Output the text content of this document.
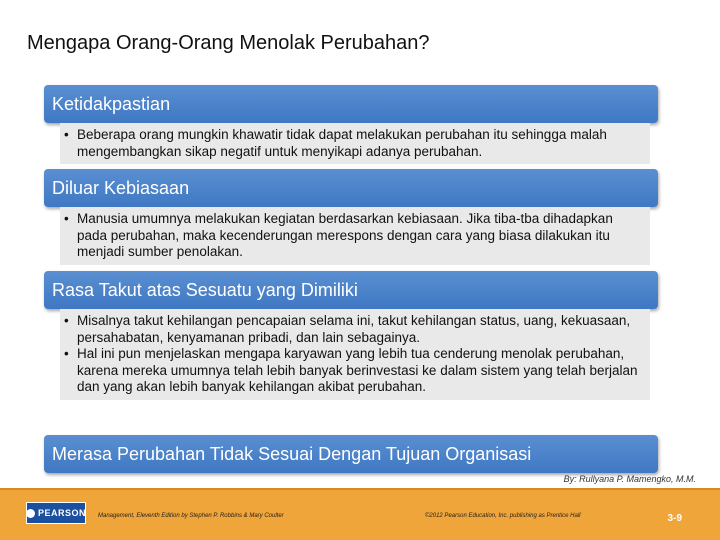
Mengapa Orang-Orang Menolak Perubahan?
Ketidakpastian
• Beberapa orang mungkin khawatir tidak dapat melakukan perubahan itu sehingga malah mengembangkan sikap negatif untuk menyikapi adanya perubahan.
Diluar Kebiasaan
• Manusia umumnya melakukan kegiatan berdasarkan kebiasaan. Jika tiba-tba dihadapkan pada perubahan, maka kecenderungan merespons dengan cara yang biasa dilakukan itu menjadi sumber penolakan.
Rasa Takut atas Sesuatu yang Dimiliki
• Misalnya takut kehilangan pencapaian selama ini, takut kehilangan status, uang, kekuasaan, persahabatan, kenyamanan pribadi, dan lain sebagainya.
• Hal ini pun menjelaskan mengapa karyawan yang lebih tua cenderung menolak perubahan, karena mereka umumnya telah lebih banyak berinvestasi ke dalam sistem yang telah berjalan dan yang akan lebih banyak kehilangan akibat perubahan.
Merasa Perubahan Tidak Sesuai Dengan Tujuan Organisasi
By: Rullyana P. Mamengko, M.M.
PEARSON Management, Eleventh Edition by Stephen P. Robbins & Mary Coulter	©2012 Pearson Education, Inc. publishing as Prentice Hall	3-9
